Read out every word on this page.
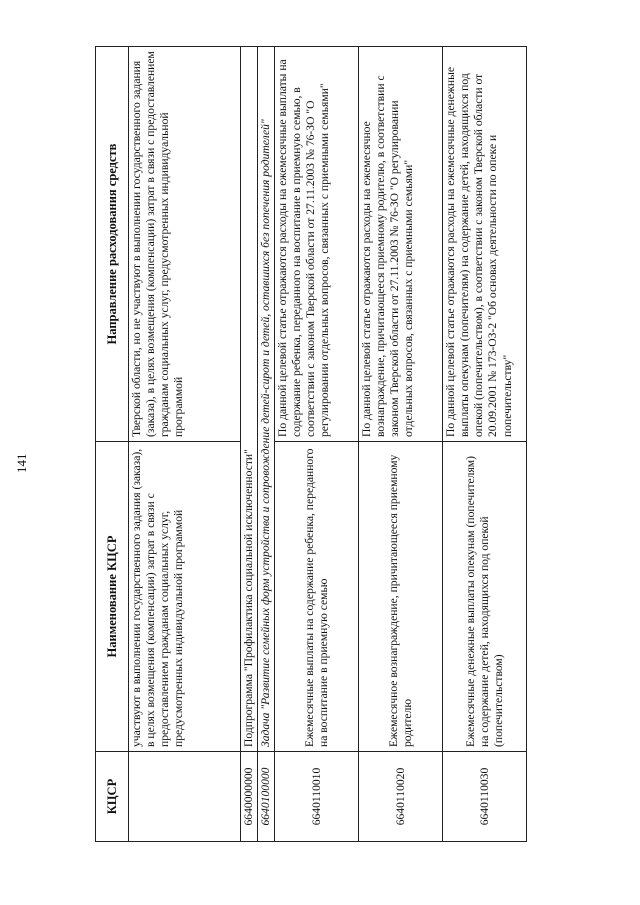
141
КЦСР	Наименование КЦСР	Направление расходования средств
	участвуют в выполнении государственного задания (заказа), в целях возмещения (компенсации) затрат в связи с предоставлением гражданам социальных услуг, предусмотренных индивидуальной программой	Тверской области, но не участвуют в выполнении государственного задания (заказа), в целях возмещения (компенсации) затрат в связи с предоставлением гражданам социальных услуг, предусмотренных индивидуальной программой
6640000000	Подпрограмма "Профилактика социальной исключенности"	
6640100000	Задача "Развитие семейных форм устройства и сопровождение детей-сирот и детей, оставшихся без попечения родителей"	
6640110010	Ежемесячные выплаты на содержание ребенка, переданного на воспитание в приемную семью	По данной целевой статье отражаются расходы на ежемесячные выплаты на содержание ребенка, переданного на воспитание в приемную семью, в соответствии с законом Тверской области от 27.11.2003 № 76-ЗО "О регулировании отдельных вопросов, связанных с приемными семьями"
6640110020	Ежемесячное вознаграждение, причитающееся приемному родителю	По данной целевой статье отражаются расходы на ежемесячное вознаграждение, причитающееся приемному родителю, в соответствии с законом Тверской области от 27.11.2003 № 76-ЗО "О регулировании отдельных вопросов, связанных с приемными семьями"
6640110030	Ежемесячные денежные выплаты опекунам (попечителям) на содержание детей, находящихся под опекой (попечительством)	По данной целевой статье отражаются расходы на ежемесячные денежные выплаты опекунам (попечителям) на содержание детей, находящихся под опекой (попечительством), в соответствии с законом Тверской области от 20.09.2001 № 173-ОЗ-2 "Об основах деятельности по опеке и попечительству"
